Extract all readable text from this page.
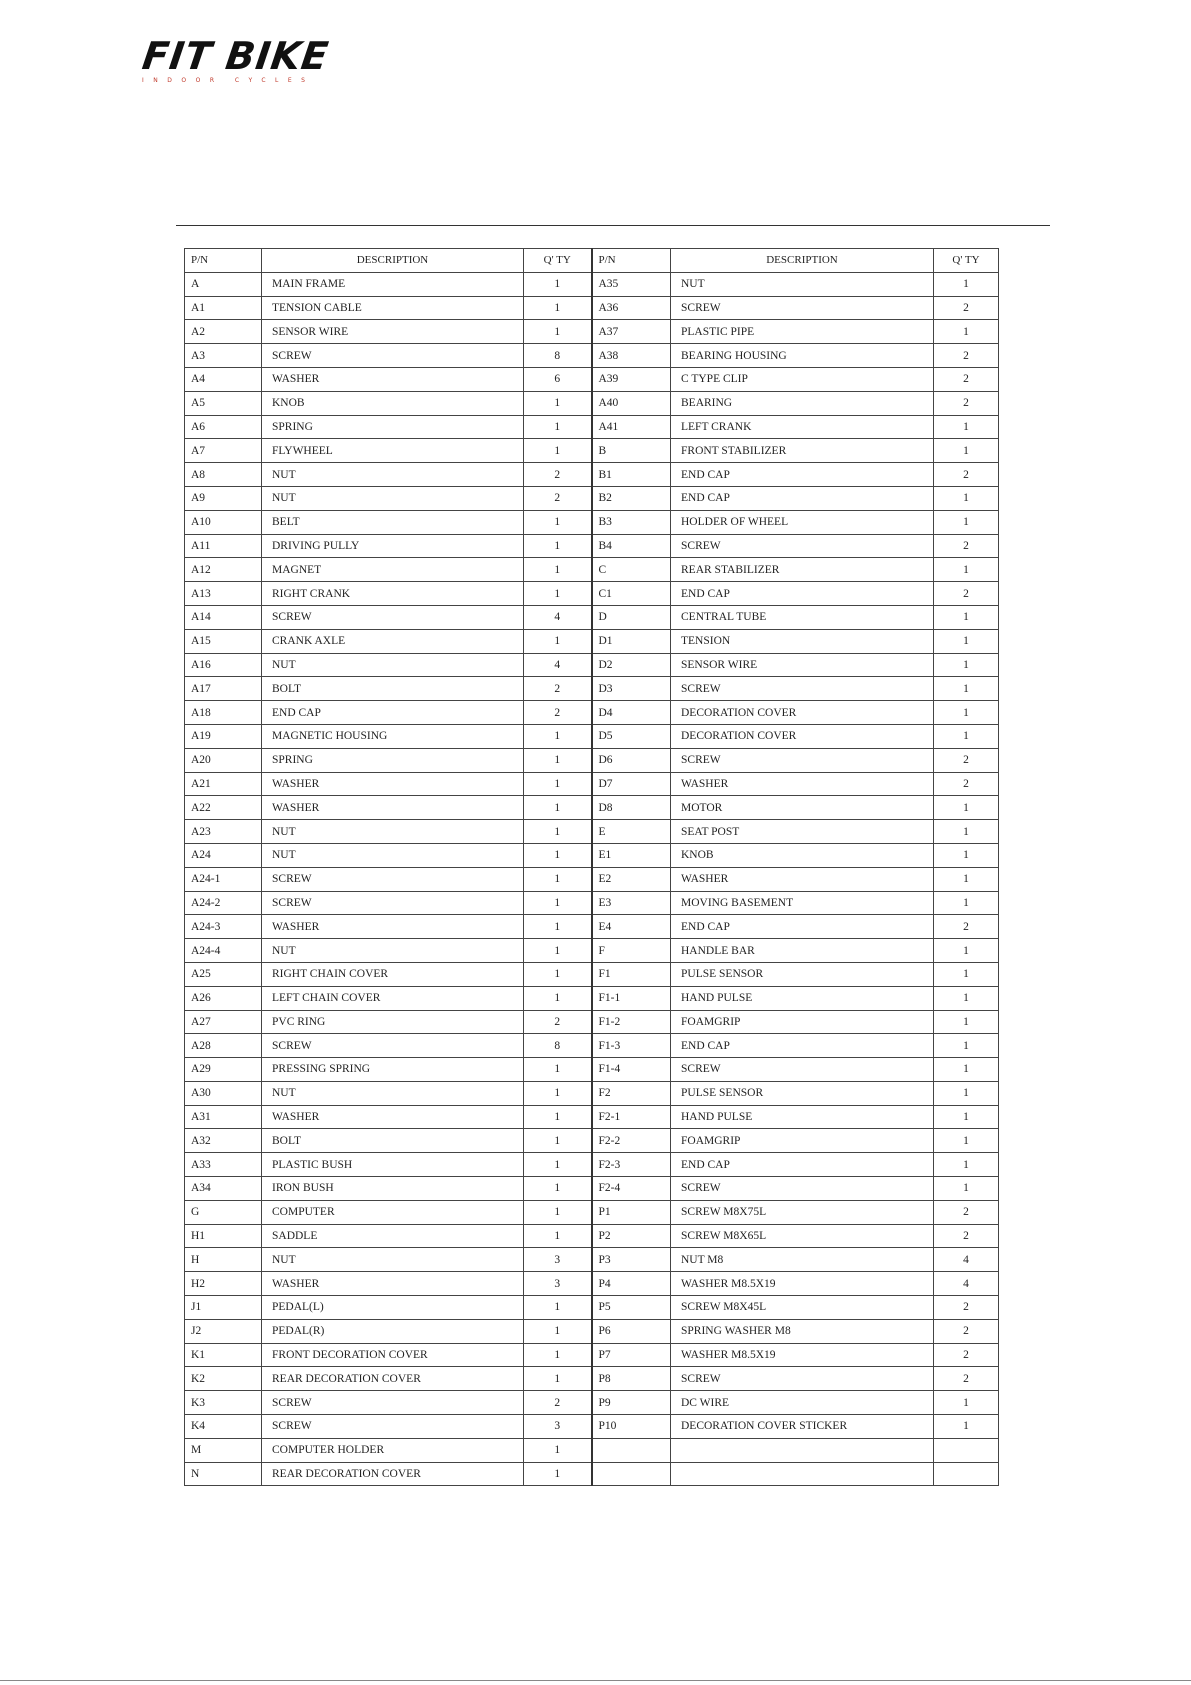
FIT BIKE
INDOOR CYCLES
P/N	DESCRIPTION	Q' TY	P/N	DESCRIPTION	Q' TY
A	MAIN FRAME	1	A35	NUT	1
A1	TENSION CABLE	1	A36	SCREW	2
A2	SENSOR WIRE	1	A37	PLASTIC PIPE	1
A3	SCREW	8	A38	BEARING HOUSING	2
A4	WASHER	6	A39	C TYPE CLIP	2
A5	KNOB	1	A40	BEARING	2
A6	SPRING	1	A41	LEFT CRANK	1
A7	FLYWHEEL	1	B	FRONT STABILIZER	1
A8	NUT	2	B1	END CAP	2
A9	NUT	2	B2	END CAP	1
A10	BELT	1	B3	HOLDER OF WHEEL	1
A11	DRIVING PULLY	1	B4	SCREW	2
A12	MAGNET	1	C	REAR STABILIZER	1
A13	RIGHT CRANK	1	C1	END CAP	2
A14	SCREW	4	D	CENTRAL TUBE	1
A15	CRANK AXLE	1	D1	TENSION	1
A16	NUT	4	D2	SENSOR WIRE	1
A17	BOLT	2	D3	SCREW	1
A18	END CAP	2	D4	DECORATION COVER	1
A19	MAGNETIC HOUSING	1	D5	DECORATION COVER	1
A20	SPRING	1	D6	SCREW	2
A21	WASHER	1	D7	WASHER	2
A22	WASHER	1	D8	MOTOR	1
A23	NUT	1	E	SEAT POST	1
A24	NUT	1	E1	KNOB	1
A24-1	SCREW	1	E2	WASHER	1
A24-2	SCREW	1	E3	MOVING BASEMENT	1
A24-3	WASHER	1	E4	END CAP	2
A24-4	NUT	1	F	HANDLE BAR	1
A25	RIGHT CHAIN COVER	1	F1	PULSE SENSOR	1
A26	LEFT CHAIN COVER	1	F1-1	HAND PULSE	1
A27	PVC RING	2	F1-2	FOAMGRIP	1
A28	SCREW	8	F1-3	END CAP	1
A29	PRESSING SPRING	1	F1-4	SCREW	1
A30	NUT	1	F2	PULSE SENSOR	1
A31	WASHER	1	F2-1	HAND PULSE	1
A32	BOLT	1	F2-2	FOAMGRIP	1
A33	PLASTIC BUSH	1	F2-3	END CAP	1
A34	IRON BUSH	1	F2-4	SCREW	1
G	COMPUTER	1	P1	SCREW M8X75L	2
H1	SADDLE	1	P2	SCREW M8X65L	2
H	NUT	3	P3	NUT M8	4
H2	WASHER	3	P4	WASHER M8.5X19	4
J1	PEDAL(L)	1	P5	SCREW M8X45L	2
J2	PEDAL(R)	1	P6	SPRING WASHER M8	2
K1	FRONT DECORATION COVER	1	P7	WASHER M8.5X19	2
K2	REAR DECORATION COVER	1	P8	SCREW	2
K3	SCREW	2	P9	DC WIRE	1
K4	SCREW	3	P10	DECORATION COVER STICKER	1
M	COMPUTER HOLDER	1			
N	REAR DECORATION COVER	1			
